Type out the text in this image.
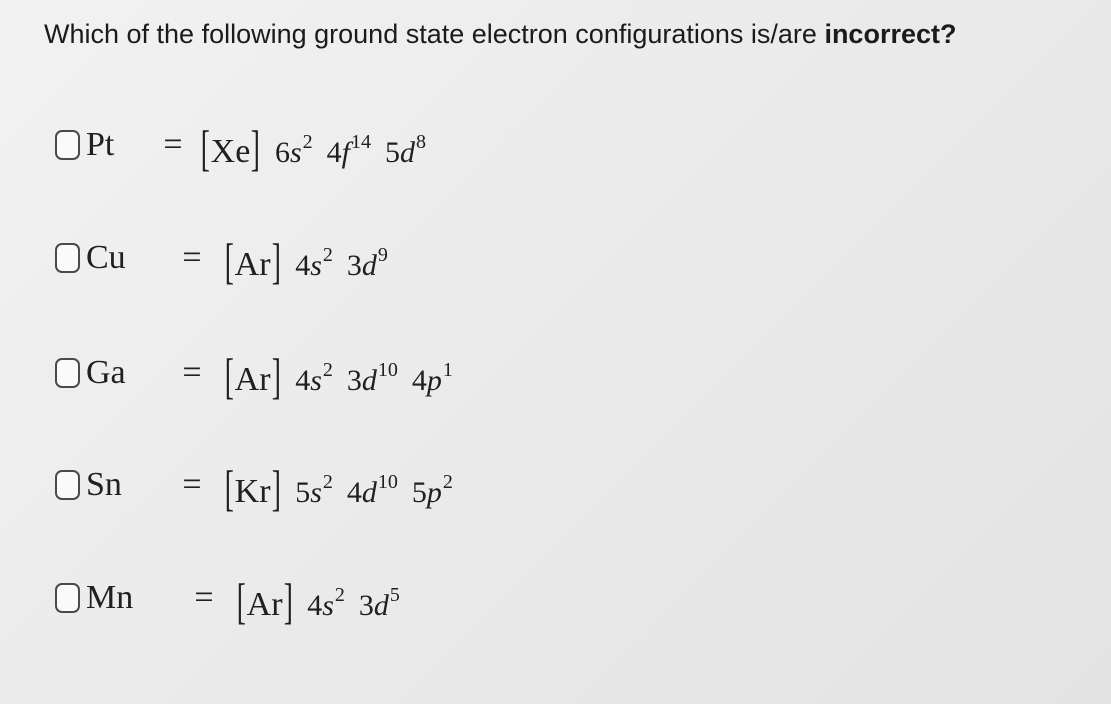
Which of the following ground state electron configurations is/are incorrect?
Pt	= [ Xe ] $6s^2$ $4f^{14}$ $5d^8$
Cu	= [ Ar ] $4s^2$ $3d^9$
Ga	= [ Ar ] $4s^2$ $3d^{10}$ $4p^1$
Sn	= [ Kr ] $5s^2$ $4d^{10}$ $5p^2$
Mn	= [ Ar ] $4s^2$ $3d^5$
